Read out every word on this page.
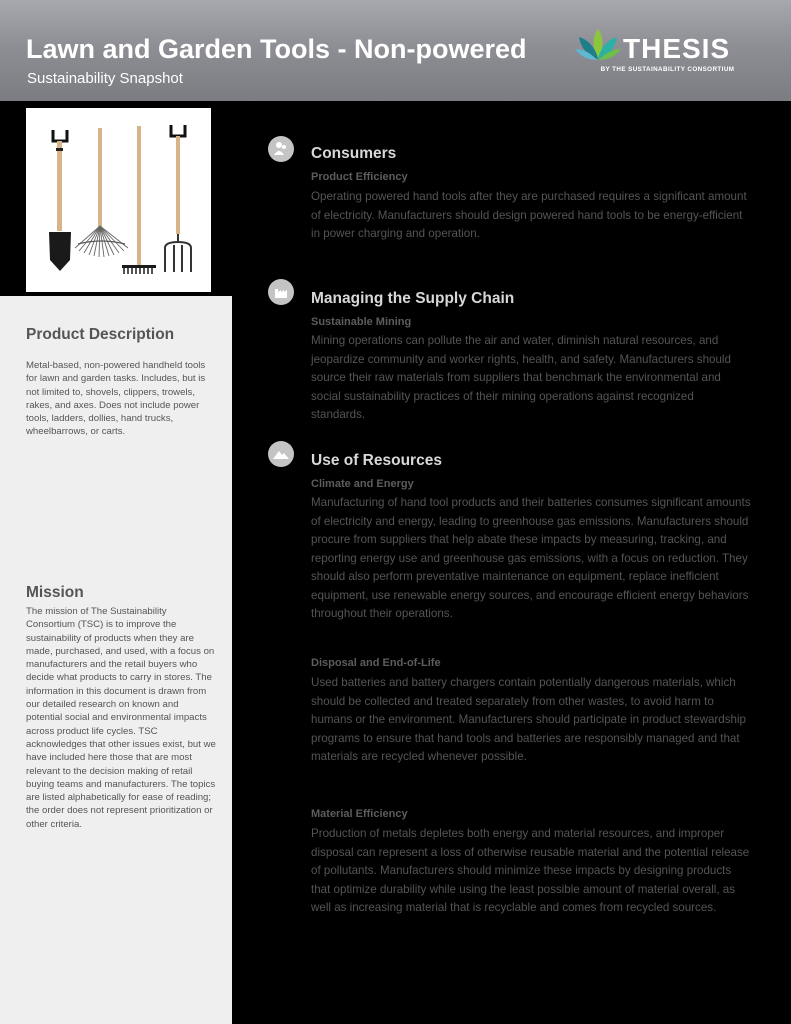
Lawn and Garden Tools - Non-powered
Sustainability Snapshot
THESIS
BY THE SUSTAINABILITY CONSORTIUM
Product Description
Metal-based, non-powered handheld tools for lawn and garden tasks. Includes, but is not limited to, shovels, clippers, trowels, rakes, and axes. Does not include power tools, ladders, dollies, hand trucks, wheelbarrows, or carts.
Mission
The mission of The Sustainability Consortium (TSC) is to improve the sustainability of products when they are made, purchased, and used, with a focus on manufacturers and the retail buyers who decide what products to carry in stores. The information in this document is drawn from our detailed research on known and potential social and environmental impacts across product life cycles. TSC acknowledges that other issues exist, but we have included here those that are most relevant to the decision making of retail buying teams and manufacturers. The topics are listed alphabetically for ease of reading; the order does not represent prioritization or other criteria.
Consumers
Product Efficiency
Operating powered hand tools after they are purchased requires a significant amount of electricity. Manufacturers should design powered hand tools to be energy-efficient in power charging and operation.
Managing the Supply Chain
Sustainable Mining
Mining operations can pollute the air and water, diminish natural resources, and jeopardize community and worker rights, health, and safety. Manufacturers should source their raw materials from suppliers that benchmark the environmental and social sustainability practices of their mining operations against recognized standards.
Use of Resources
Climate and Energy
Manufacturing of hand tool products and their batteries consumes significant amounts of electricity and energy, leading to greenhouse gas emissions. Manufacturers should procure from suppliers that help abate these impacts by measuring, tracking, and reporting energy use and greenhouse gas emissions, with a focus on reduction. They should also perform preventative maintenance on equipment, replace inefficient equipment, use renewable energy sources, and encourage efficient energy behaviors throughout their operations.
Disposal and End-of-Life
Used batteries and battery chargers contain potentially dangerous materials, which should be collected and treated separately from other wastes, to avoid harm to humans or the environment. Manufacturers should participate in product stewardship programs to ensure that hand tools and batteries are responsibly managed and that materials are recycled whenever possible.
Material Efficiency
Production of metals depletes both energy and material resources, and improper disposal can represent a loss of otherwise reusable material and the potential release of pollutants. Manufacturers should minimize these impacts by designing products that optimize durability while using the least possible amount of material overall, as well as increasing material that is recyclable and comes from recycled sources.
